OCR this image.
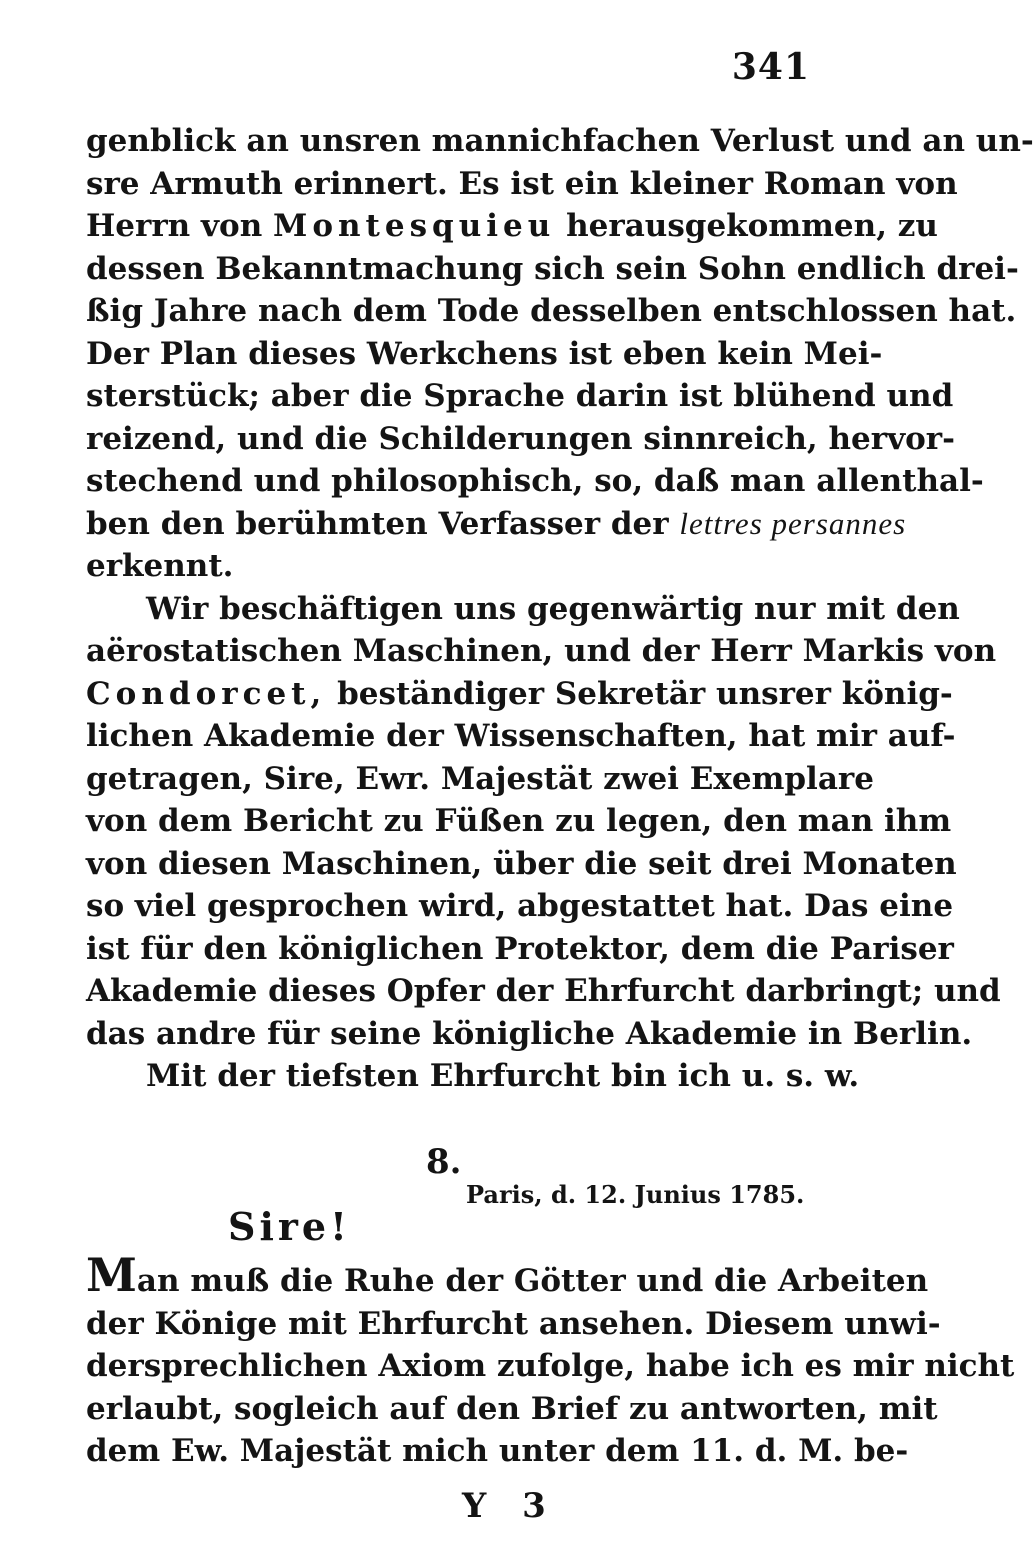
341
genblick an unsren mannichfachen Verlust und an un-
sre Armuth erinnert. Es ist ein kleiner Roman von
Herrn von Montesquieu herausgekommen, zu
dessen Bekanntmachung sich sein Sohn endlich drei-
ßig Jahre nach dem Tode desselben entschlossen hat.
Der Plan dieses Werkchens ist eben kein Mei-
sterstück; aber die Sprache darin ist blühend und
reizend, und die Schilderungen sinnreich, hervor-
stechend und philosophisch, so, daß man allenthal-
ben den berühmten Verfasser der lettres persannes
erkennt.
Wir beschäftigen uns gegenwärtig nur mit den
aërostatischen Maschinen, und der Herr Markis von
Condorcet, beständiger Sekretär unsrer könig-
lichen Akademie der Wissenschaften, hat mir auf-
getragen, Sire, Ewr. Majestät zwei Exemplare
von dem Bericht zu Füßen zu legen, den man ihm
von diesen Maschinen, über die seit drei Monaten
so viel gesprochen wird, abgestattet hat. Das eine
ist für den königlichen Protektor, dem die Pariser
Akademie dieses Opfer der Ehrfurcht darbringt; und
das andre für seine königliche Akademie in Berlin.
Mit der tiefsten Ehrfurcht bin ich u. s. w.
8.
Paris, d. 12. Junius 1785.
Sire!
Man muß die Ruhe der Götter und die Arbeiten
der Könige mit Ehrfurcht ansehen. Diesem unwi-
dersprechlichen Axiom zufolge, habe ich es mir nicht
erlaubt, sogleich auf den Brief zu antworten, mit
dem Ew. Majestät mich unter dem 11. d. M. be-
Y 3
